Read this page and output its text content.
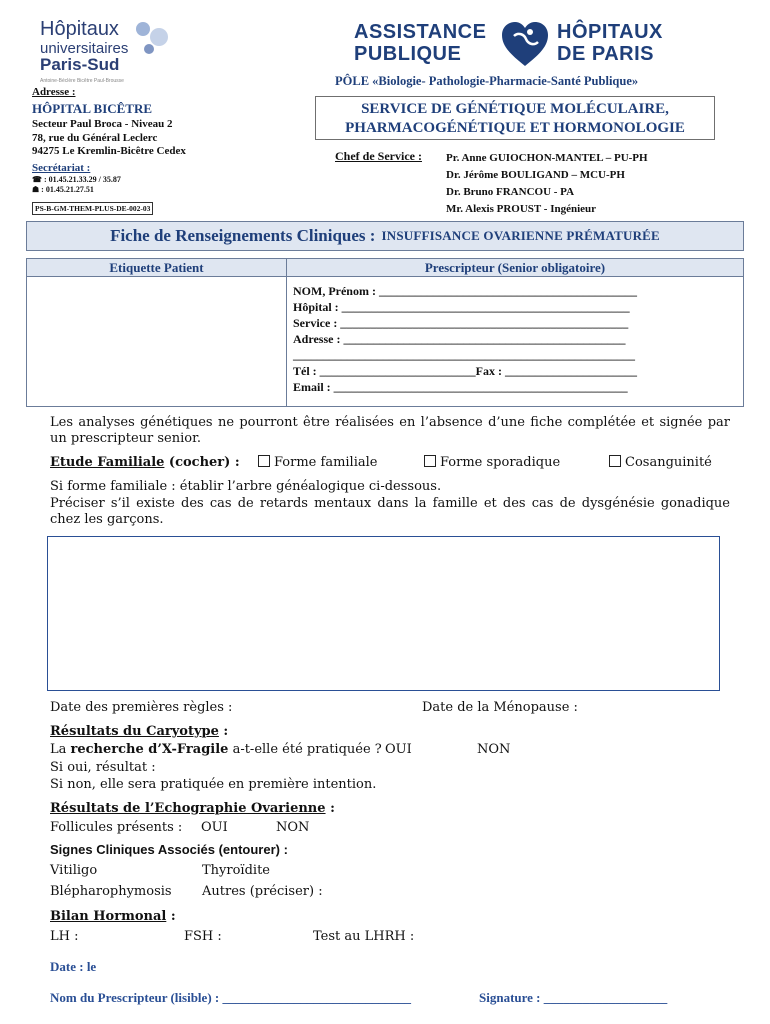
Hôpitaux
universitaires
Paris-Sud
Antoine-Béclère Bicêtre Paul-Brousse
ASSISTANCE
PUBLIQUE
HÔPITAUX
DE PARIS
PÔLE «Biologie- Pathologie-Pharmacie-Santé Publique»
Adresse :
HÔPITAL BICÊTRE
Secteur Paul Broca - Niveau 2
78, rue du Général Leclerc
94275 Le Kremlin-Bicêtre Cedex
Secrétariat :
☎ : 01.45.21.33.29 / 35.87
☗ : 01.45.21.27.51
PS-B-GM-THEM-PLUS-DE-002-03
SERVICE DE GÉNÉTIQUE MOLÉCULAIRE,
PHARMACOGÉNÉTIQUE ET HORMONOLOGIE
Chef de Service : Pr. Anne GUIOCHON-MANTEL – PU-PH
Dr. Jérôme BOULIGAND – MCU-PH
Dr. Bruno FRANCOU - PA
Mr. Alexis PROUST - Ingénieur
Fiche de Renseignements Cliniques : INSUFFISANCE OVARIENNE PRÉMATURÉE
Etiquette Patient	Prescripteur (Senior obligatoire)
NOM, Prénom : ___________________________________________
Hôpital : ________________________________________________
Service : ________________________________________________
Adresse : _______________________________________________
_________________________________________________________
Tél : __________________________Fax : ______________________
Email : _________________________________________________
Les analyses génétiques ne pourront être réalisées en l’absence d’une fiche complétée et signée par un prescripteur senior.
Etude Familiale (cocher) :	Forme familiale	Forme sporadique	Cosanguinité
Si forme familiale : établir l’arbre généalogique ci-dessous.
Préciser s’il existe des cas de retards mentaux dans la famille et des cas de dysgénésie gonadique chez les garçons.
Date des premières règles :	Date de la Ménopause :
Résultats du Caryotype :
La recherche d’X-Fragile a-t-elle été pratiquée ? OUI	NON
Si oui, résultat :
Si non, elle sera pratiquée en première intention.
Résultats de l’Echographie Ovarienne :
Follicules présents : OUI	NON
Signes Cliniques Associés (entourer) :
Vitiligo	Thyroïdite
Blépharophymosis Autres (préciser) :
Bilan Hormonal :
LH :	FSH :	Test au LHRH :
Date : le
Nom du Prescripteur (lisible) : _____________________________	Signature : ___________________
